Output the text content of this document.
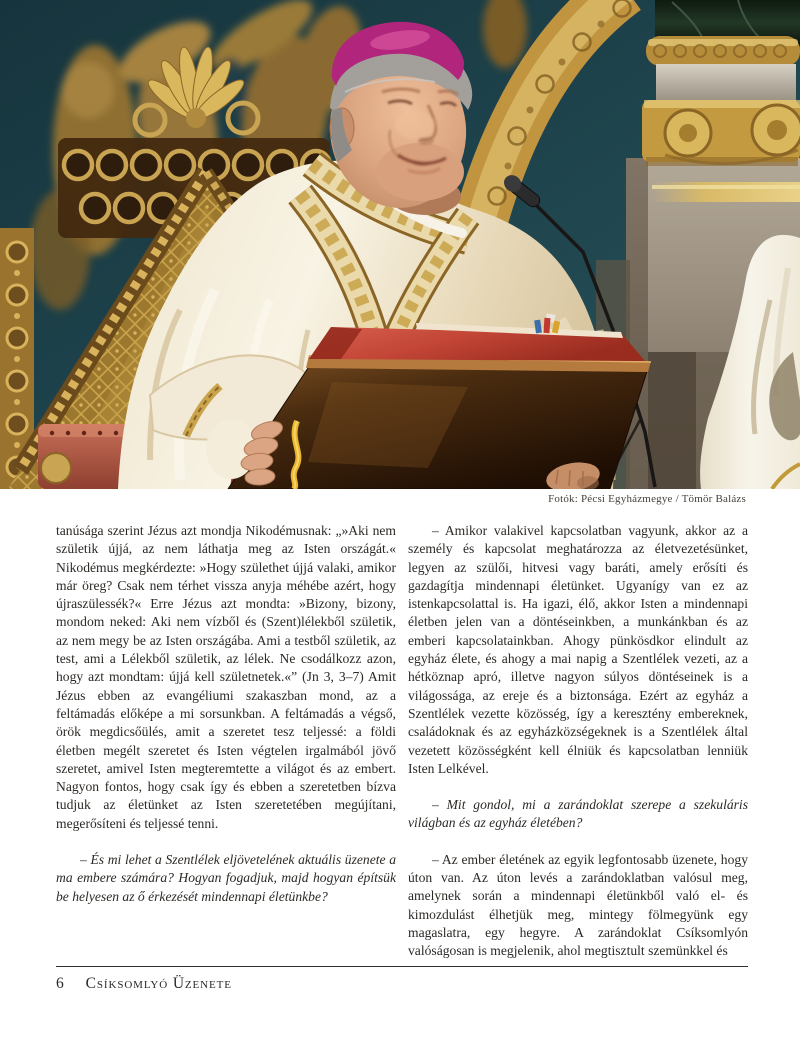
Fotók: Pécsi Egyházmegye / Tömör Balázs

tanúsága szerint Jézus azt mondja Nikodémusnak: „»Aki nem születik újjá, az nem láthatja meg az Isten országát.« Nikodémus megkérdezte: »Hogy születhet újjá valaki, amikor már öreg? Csak nem térhet vissza anyja méhébe azért, hogy újraszülessék?« Erre Jézus azt mondta: »Bizony, bizony, mondom neked: Aki nem vízből és (Szent)lélekből születik, az nem megy be az Isten országába. Ami a testből születik, az test, ami a Lélekből születik, az lélek. Ne csodálkozz azon, hogy azt mondtam: újjá kell születnetek.«” (Jn 3, 3–7) Amit Jézus ebben az evangéliumi szakaszban mond, az a feltámadás előképe a mi sorsunkban. A feltámadás a végső, örök megdicsőülés, amit a szeretet tesz teljessé: a földi életben megélt szeretet és Isten végtelen irgalmából jövő szeretet, amivel Isten megteremtette a világot és az embert. Nagyon fontos, hogy csak így és ebben a szeretetben bízva tudjuk az életünket az Isten szeretetében megújítani, megerősíteni és teljessé tenni.

– És mi lehet a Szentlélek eljövetelének aktuális üzenete a ma embere számára? Hogyan fogadjuk, majd hogyan építsük be helyesen az ő érkezését mindennapi életünkbe?

– Amikor valakivel kapcsolatban vagyunk, akkor az a személy és kapcsolat meghatározza az életvezetésünket, legyen az szülői, hitvesi vagy baráti, amely erősíti és gazdagítja mindennapi életünket. Ugyanígy van ez az istenkapcsolattal is. Ha igazi, élő, akkor Isten a mindennapi életben jelen van a döntéseinkben, a munkánkban és az emberi kapcsolatainkban. Ahogy pünkösdkor elindult az egyház élete, és ahogy a mai napig a Szentlélek vezeti, az a hétköznap apró, illetve nagyon súlyos döntéseinek is a világossága, az ereje és a biztonsága. Ezért az egyház a Szentlélek vezette közösség, így a keresztény embereknek, családoknak és az egyházközségeknek is a Szentlélek által vezetett közösségként kell élniük és kapcsolatban lenniük Isten Lelkével.

– Mit gondol, mi a zarándoklat szerepe a szekuláris világban és az egyház életében?

– Az ember életének az egyik legfontosabb üzenete, hogy úton van. Az úton levés a zarándoklatban valósul meg, amelynek során a mindennapi életünkből való el- és kimozdulást élhetjük meg, mintegy fölmegyünk egy magaslatra, egy hegyre. A zarándoklat Csíksomlyón valóságosan is megjelenik, ahol megtisztult szemünkkel és

6 Csíksomlyó Üzenete
